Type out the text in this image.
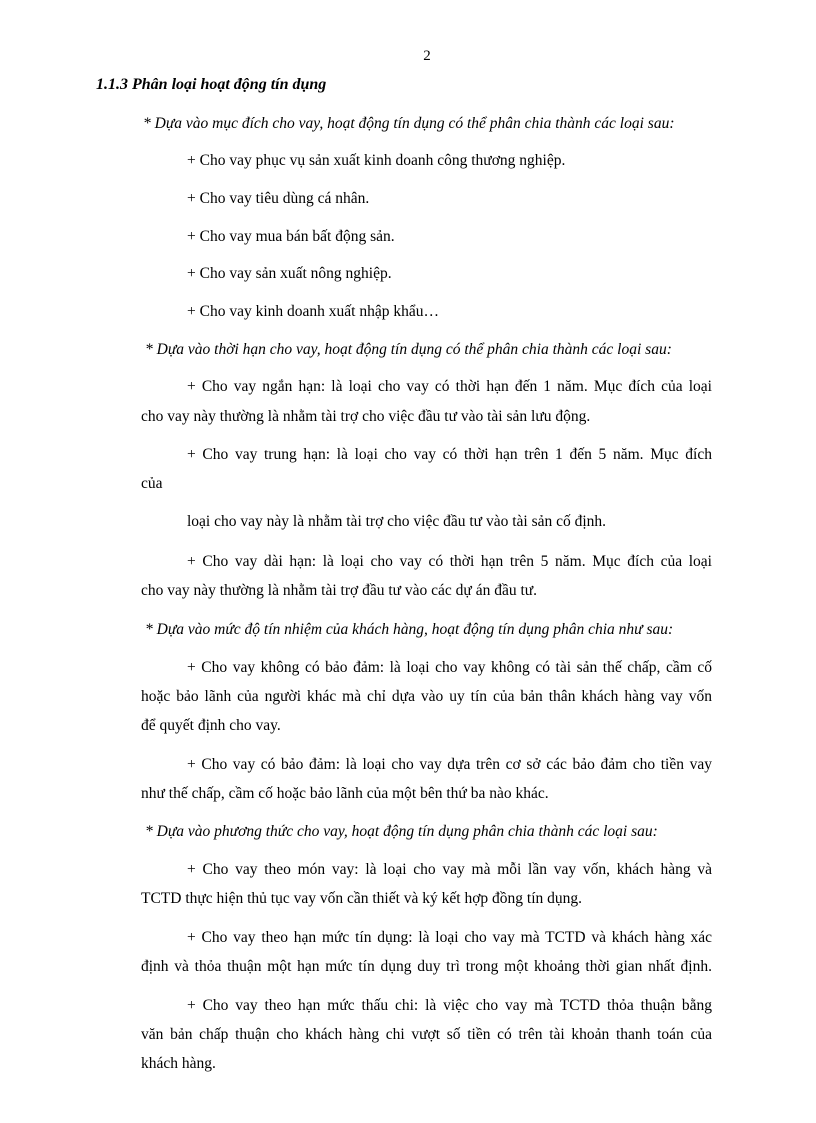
2
1.1.3 Phân loại hoạt động tín dụng
* Dựa vào mục đích cho vay, hoạt động tín dụng có thể phân chia thành các loại sau:
+ Cho vay phục vụ sản xuất kinh doanh công thương nghiệp.
+ Cho vay tiêu dùng cá nhân.
+ Cho vay mua bán bất động sản.
+ Cho vay sản xuất nông nghiệp.
+ Cho vay kinh doanh xuất nhập khẩu…
* Dựa vào thời hạn cho vay, hoạt động tín dụng có thể phân chia thành các loại sau:
+ Cho vay ngắn hạn: là loại cho vay có thời hạn đến 1 năm. Mục đích của loại
cho vay này thường là nhằm tài trợ cho việc đầu tư vào tài sản lưu động.
+ Cho vay trung hạn: là loại cho vay có thời hạn trên 1 đến 5 năm. Mục đích
của
loại cho vay này là nhằm tài trợ cho việc đầu tư vào tài sản cố định.
+ Cho vay dài hạn: là loại cho vay có thời hạn trên 5 năm. Mục đích của loại
cho vay này thường là nhằm tài trợ đầu tư vào các dự án đầu tư.
* Dựa vào mức độ tín nhiệm của khách hàng, hoạt động tín dụng phân chia như sau:
+ Cho vay không có bảo đảm: là loại cho vay không có tài sản thế chấp, cầm cố
hoặc bảo lãnh của người khác mà chỉ dựa vào uy tín của bản thân khách hàng vay vốn
để quyết định cho vay.
+ Cho vay có bảo đảm: là loại cho vay dựa trên cơ sở các bảo đảm cho tiền vay
như thế chấp, cầm cố hoặc bảo lãnh của một bên thứ ba nào khác.
* Dựa vào phương thức cho vay, hoạt động tín dụng phân chia thành các loại sau:
+ Cho vay theo món vay: là loại cho vay mà mỗi lần vay vốn, khách hàng và
TCTD thực hiện thủ tục vay vốn cần thiết và ký kết hợp đồng tín dụng.
+ Cho vay theo hạn mức tín dụng: là loại cho vay mà TCTD và khách hàng xác
định và thỏa thuận một hạn mức tín dụng duy trì trong một khoảng thời gian nhất định.
+ Cho vay theo hạn mức thấu chi: là việc cho vay mà TCTD thỏa thuận bằng
văn bản chấp thuận cho khách hàng chi vượt số tiền có trên tài khoản thanh toán của
khách hàng.
